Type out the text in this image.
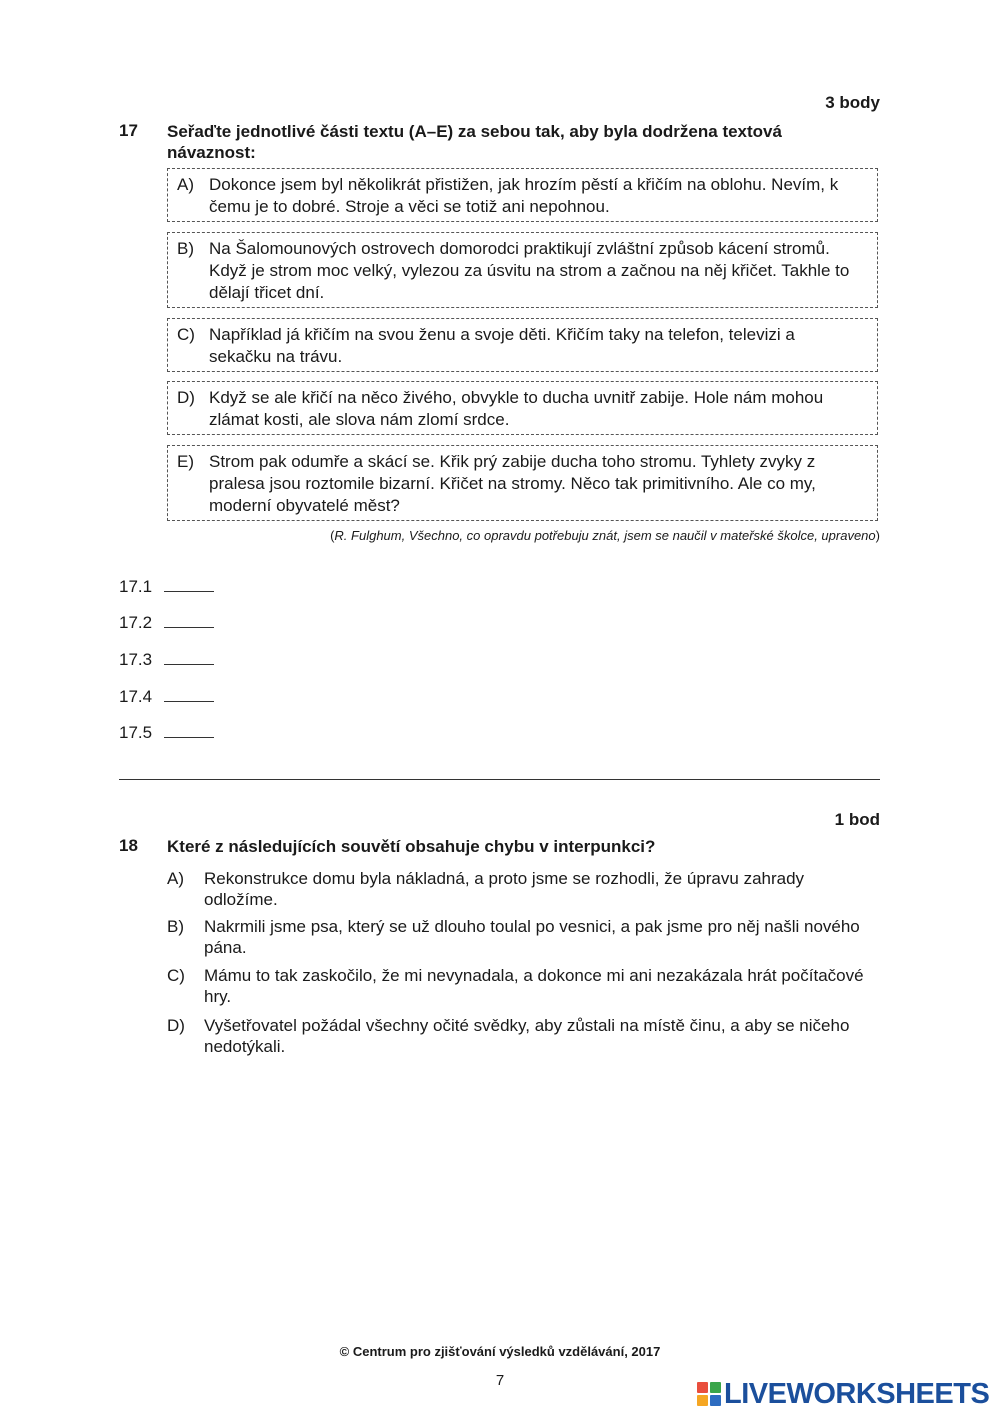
3 body
17 Seřaďte jednotlivé části textu (A–E) za sebou tak, aby byla dodržena textová návaznost:
A) Dokonce jsem byl několikrát přistižen, jak hrozím pěstí a křičím na oblohu. Nevím, k čemu je to dobré. Stroje a věci se totiž ani nepohnou.
B) Na Šalomounových ostrovech domorodci praktikují zvláštní způsob kácení stromů. Když je strom moc velký, vylezou za úsvitu na strom a začnou na něj křičet. Takhle to dělají třicet dní.
C) Například já křičím na svou ženu a svoje děti. Křičím taky na telefon, televizi a sekačku na trávu.
D) Když se ale křičí na něco živého, obvykle to ducha uvnitř zabije. Hole nám mohou zlámat kosti, ale slova nám zlomí srdce.
E) Strom pak odumře a skácí se. Křik prý zabije ducha toho stromu. Tyhlety zvyky z pralesa jsou roztomile bizarní. Křičet na stromy. Něco tak primitivního. Ale co my, moderní obyvatelé měst?
(R. Fulghum, Všechno, co opravdu potřebuju znát, jsem se naučil v mateřské školce, upraveno)
17.1
17.2
17.3
17.4
17.5
1 bod
18 Které z následujících souvětí obsahuje chybu v interpunkci?
A) Rekonstrukce domu byla nákladná, a proto jsme se rozhodli, že úpravu zahrady odložíme.
B) Nakrmili jsme psa, který se už dlouho toulal po vesnici, a pak jsme pro něj našli nového pána.
C) Mámu to tak zaskočilo, že mi nevynadala, a dokonce mi ani nezakázala hrát počítačové hry.
D) Vyšetřovatel požádal všechny očité svědky, aby zůstali na místě činu, a aby se ničeho nedotýkali.
© Centrum pro zjišťování výsledků vzdělávání, 2017
7	LIVEWORKSHEETS
